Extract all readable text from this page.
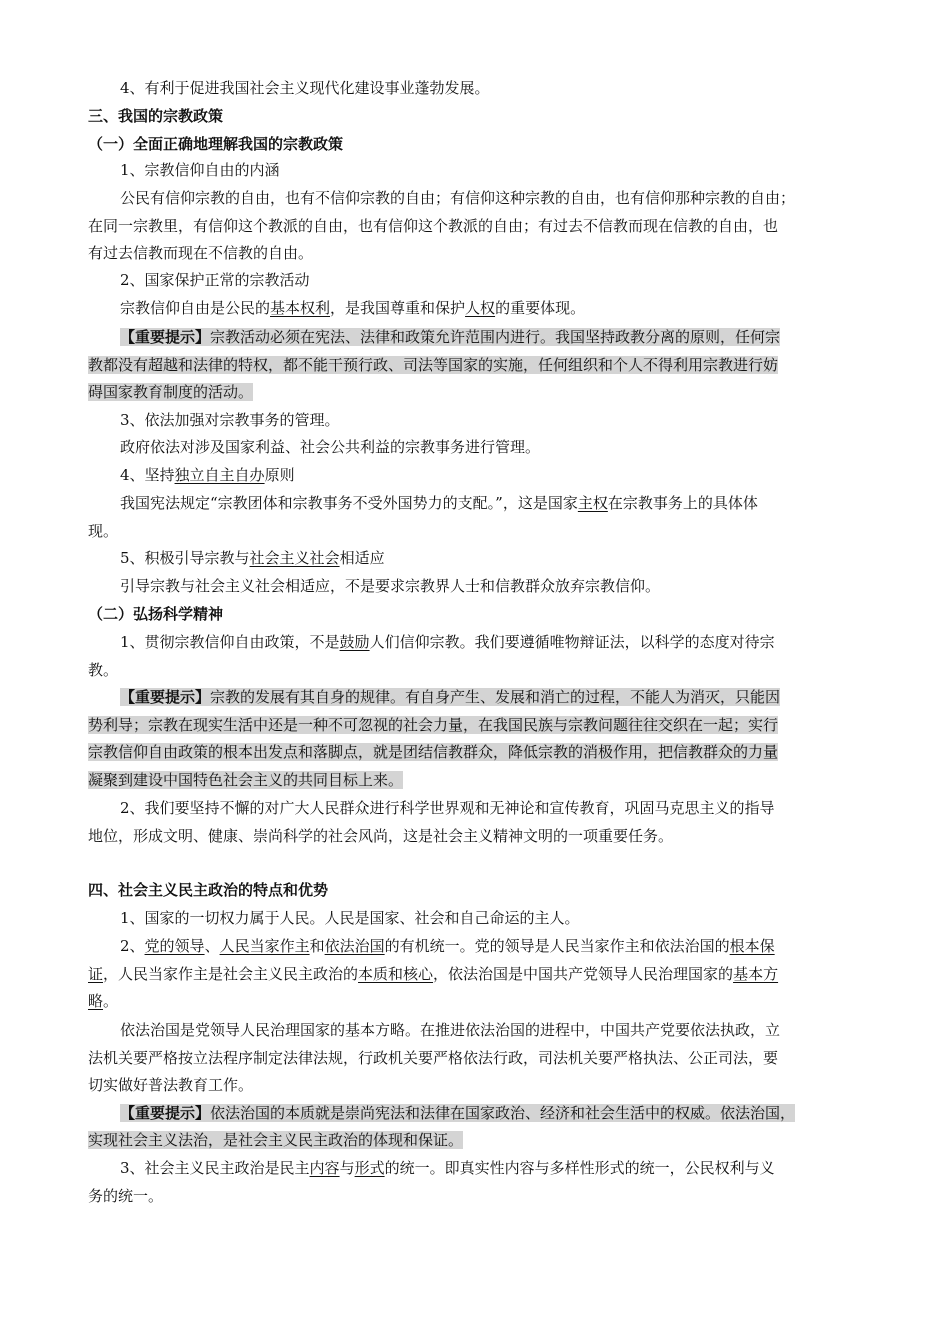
4、有利于促进我国社会主义现代化建设事业蓬勃发展。
三、我国的宗教政策
（一）全面正确地理解我国的宗教政策
1、宗教信仰自由的内涵
公民有信仰宗教的自由，也有不信仰宗教的自由；有信仰这种宗教的自由，也有信仰那种宗教的自由；
在同一宗教里，有信仰这个教派的自由，也有信仰这个教派的自由；有过去不信教而现在信教的自由，也
有过去信教而现在不信教的自由。
2、国家保护正常的宗教活动
宗教信仰自由是公民的基本权利，是我国尊重和保护人权的重要体现。
【重要提示】宗教活动必须在宪法、法律和政策允许范围内进行。我国坚持政教分离的原则，任何宗
教都没有超越和法律的特权，都不能干预行政、司法等国家的实施，任何组织和个人不得利用宗教进行妨
碍国家教育制度的活动。
3、依法加强对宗教事务的管理。
政府依法对涉及国家利益、社会公共利益的宗教事务进行管理。
4、坚持独立自主自办原则
我国宪法规定“宗教团体和宗教事务不受外国势力的支配。”，这是国家主权在宗教事务上的具体体
现。
5、积极引导宗教与社会主义社会相适应
引导宗教与社会主义社会相适应，不是要求宗教界人士和信教群众放弃宗教信仰。
（二）弘扬科学精神
1、贯彻宗教信仰自由政策，不是鼓励人们信仰宗教。我们要遵循唯物辩证法，以科学的态度对待宗
教。
【重要提示】宗教的发展有其自身的规律。有自身产生、发展和消亡的过程，不能人为消灭，只能因
势利导；宗教在现实生活中还是一种不可忽视的社会力量，在我国民族与宗教问题往往交织在一起；实行
宗教信仰自由政策的根本出发点和落脚点，就是团结信教群众，降低宗教的消极作用，把信教群众的力量
凝聚到建设中国特色社会主义的共同目标上来。
2、我们要坚持不懈的对广大人民群众进行科学世界观和无神论和宣传教育，巩固马克思主义的指导
地位，形成文明、健康、崇尚科学的社会风尚，这是社会主义精神文明的一项重要任务。
四、社会主义民主政治的特点和优势
1、国家的一切权力属于人民。人民是国家、社会和自己命运的主人。
2、党的领导、人民当家作主和依法治国的有机统一。党的领导是人民当家作主和依法治国的根本保
证，人民当家作主是社会主义民主政治的本质和核心，依法治国是中国共产党领导人民治理国家的基本方
略。
依法治国是党领导人民治理国家的基本方略。在推进依法治国的进程中，中国共产党要依法执政，立
法机关要严格按立法程序制定法律法规，行政机关要严格依法行政，司法机关要严格执法、公正司法，要
切实做好普法教育工作。
【重要提示】依法治国的本质就是崇尚宪法和法律在国家政治、经济和社会生活中的权威。依法治国，
实现社会主义法治，是社会主义民主政治的体现和保证。
3、社会主义民主政治是民主内容与形式的统一。即真实性内容与多样性形式的统一，公民权利与义
务的统一。
